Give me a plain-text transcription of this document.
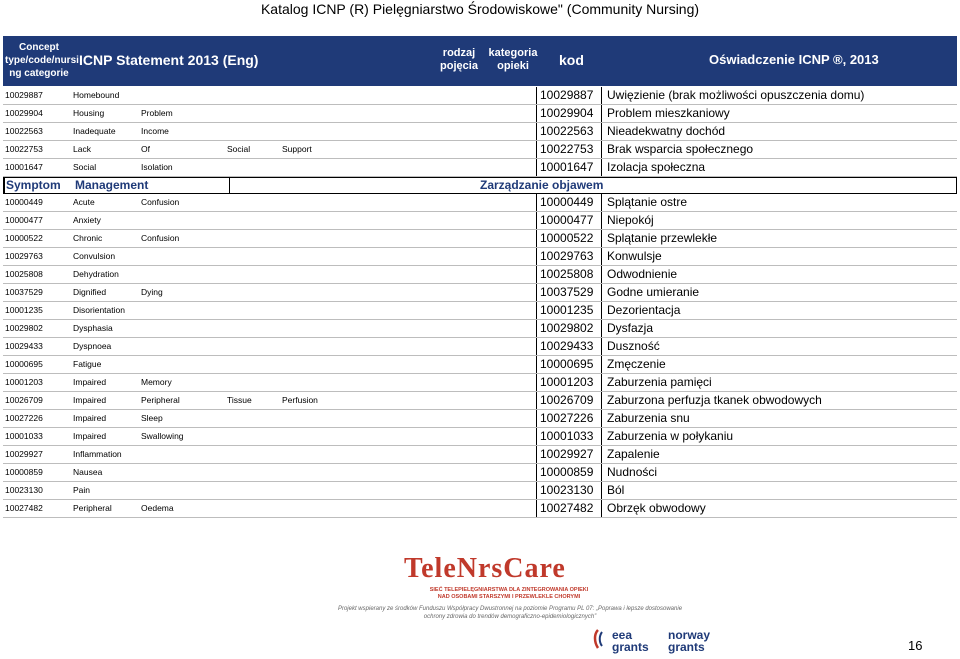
Katalog ICNP (R) Pielęgniarstwo Środowiskowe" (Community Nursing)
Concept
type/code/nursi
ng categorie
ICNP Statement 2013 (Eng)	rodzaj
pojęcia
kategoria
opieki	kod	Oświadczenie ICNP ®, 2013
10029887	Homebound	10029887	Uwięzienie (brak możliwości opuszczenia domu)
10029904	Housing	Problem	10029904	Problem mieszkaniowy
10022563	Inadequate	Income	10022563	Nieadekwatny dochód
10022753	Lack	Of	Social	Support	10022753	Brak wsparcia społecznego
10001647	Social	Isolation	10001647	Izolacja społeczna
Symptom Management	Zarządzanie objawem
10000449	Acute	Confusion	10000449	Splątanie ostre
10000477	Anxiety	10000477	Niepokój
10000522	Chronic	Confusion	10000522	Splątanie przewlekłe
10029763	Convulsion	10029763	Konwulsje
10025808	Dehydration	10025808	Odwodnienie
10037529	Dignified	Dying	10037529	Godne umieranie
10001235	Disorientation	10001235	Dezorientacja
10029802	Dysphasia	10029802	Dysfazja
10029433	Dyspnoea	10029433	Duszność
10000695	Fatigue	10000695	Zmęczenie
10001203	Impaired	Memory	10001203	Zaburzenia pamięci
10026709	Impaired	Peripheral	Tissue	Perfusion	10026709	Zaburzona perfuzja tkanek obwodowych
10027226	Impaired	Sleep	10027226	Zaburzenia snu
10001033	Impaired	Swallowing	10001033	Zaburzenia w połykaniu
10029927	Inflammation	10029927	Zapalenie
10000859	Nausea	10000859	Nudności
10023130	Pain	10023130	Ból
10027482	Peripheral	Oedema	10027482	Obrzęk obwodowy
TeleNrsCare
SIEĆ TELEPIELĘGNIARSTWA DLA ZINTEGROWANIA OPIEKI
NAD OSOBAMI STARSZYMI I PRZEWLEKLE CHORYMI
Projekt wspierany ze środków Funduszu Współpracy Dwustronnej na poziomie Programu PL 07: „Poprawa i lepsze dostosowanie
ochrony zdrowia do trendów demograficzno-epidemiologicznych”
eea grants
norway grants	16
